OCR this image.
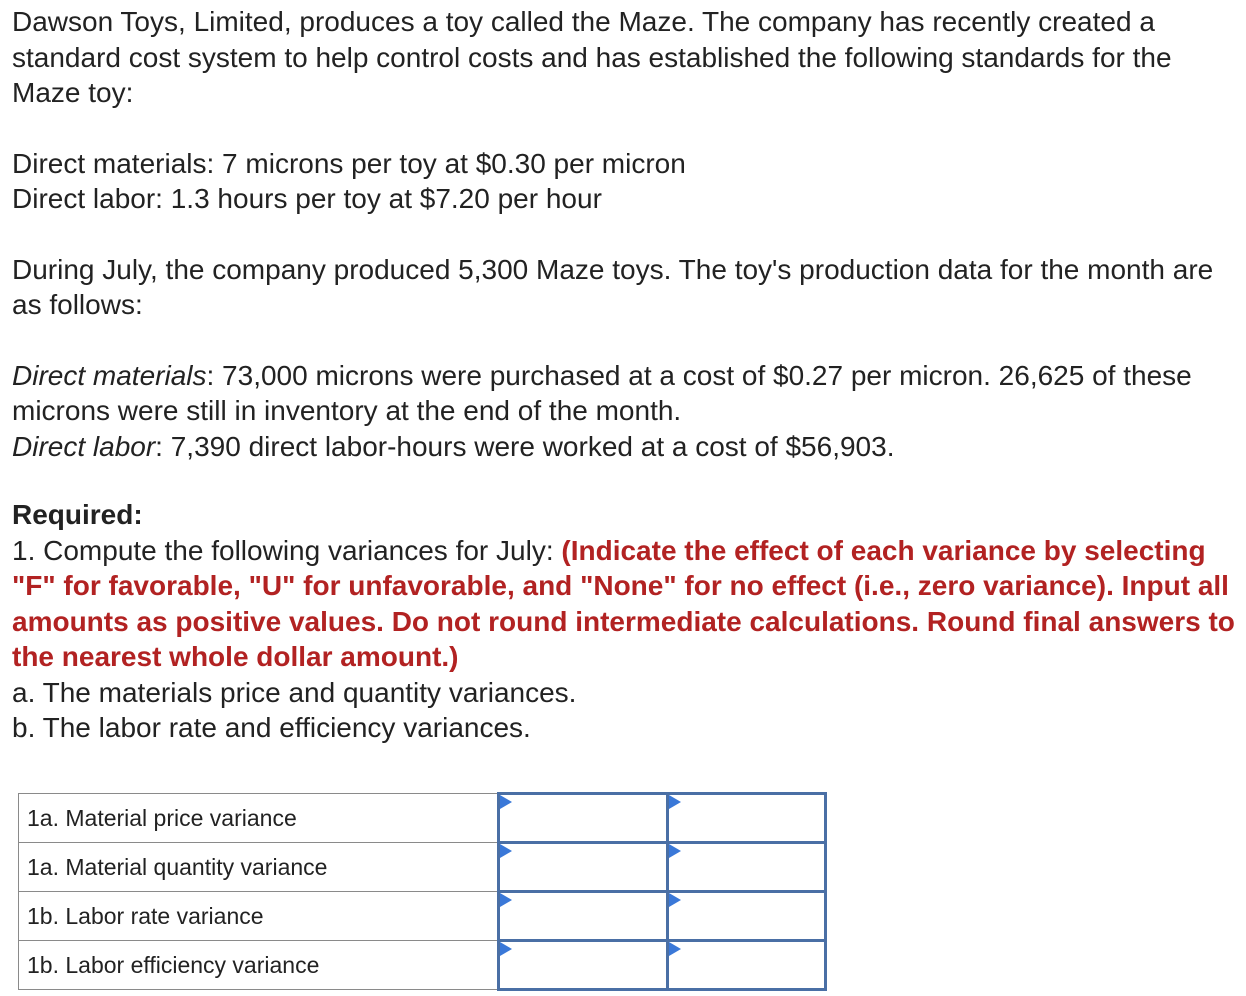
Dawson Toys, Limited, produces a toy called the Maze. The company has recently created a standard cost system to help control costs and has established the following standards for the Maze toy:

Direct materials: 7 microns per toy at $0.30 per micron

Direct labor: 1.3 hours per toy at $7.20 per hour

During July, the company produced 5,300 Maze toys. The toy's production data for the month are as follows:

Direct materials: 73,000 microns were purchased at a cost of $0.27 per micron. 26,625 of these microns were still in inventory at the end of the month.

Direct labor: 7,390 direct labor-hours were worked at a cost of $56,903.

Required:

1. Compute the following variances for July: (Indicate the effect of each variance by selecting "F" for favorable, "U" for unfavorable, and "None" for no effect (i.e., zero variance). Input all amounts as positive values. Do not round intermediate calculations. Round final answers to the nearest whole dollar amount.)

a. The materials price and quantity variances.

b. The labor rate and efficiency variances.

1a. Material price variance	

1a. Material quantity variance	

1b. Labor rate variance	

1b. Labor efficiency variance	
